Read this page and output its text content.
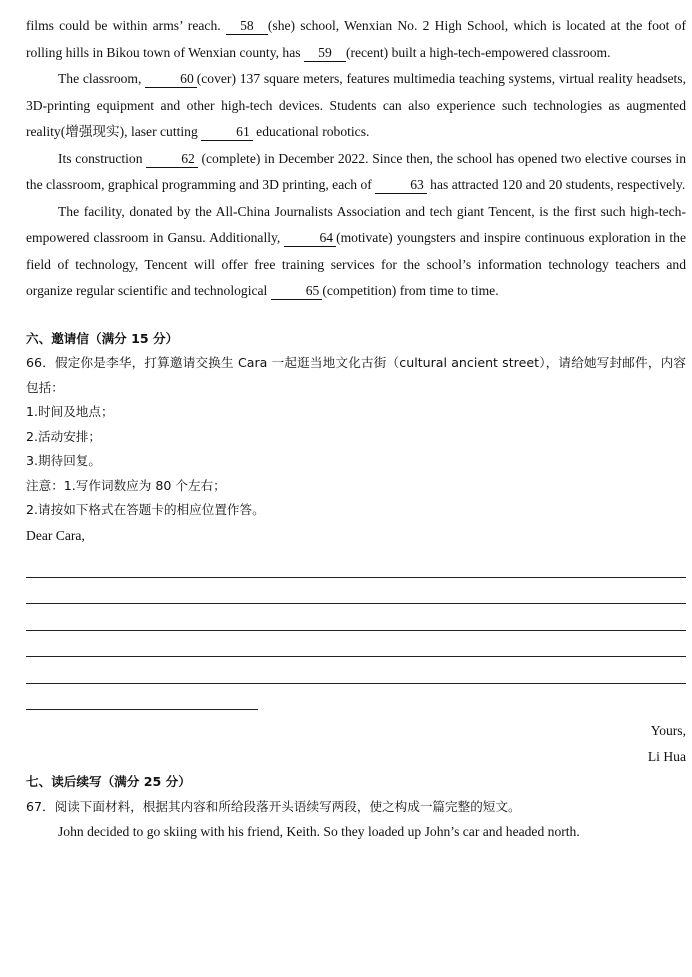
films could be within arms’ reach. 58 (she) school, Wenxian No. 2 High School, which is located at the foot of rolling hills in Bikou town of Wenxian county, has 59 (recent) built a high-tech-empowered classroom.

The classroom,	60 (cover) 137 square meters, features multimedia teaching systems, virtual reality headsets, 3D-printing equipment and other high-tech devices. Students can also experience such technologies as augmented reality(增强现实), laser cutting	61 educational robotics.

Its construction	62 (complete) in December 2022. Since then, the school has opened two elective courses in the classroom, graphical programming and 3D printing, each of	63 has attracted 120 and 20 students, respectively.

The facility, donated by the All-China Journalists Association and tech giant Tencent, is the first such high-tech-empowered classroom in Gansu. Additionally,	64 (motivate) youngsters and inspire continuous exploration in the field of technology, Tencent will offer free training services for the school’s information technology teachers and organize regular scientific and technological	65 (competition) from time to time.

六、邀请信（满分 15 分）

66．假定你是李华，打算邀请交换生 Cara 一起逛当地文化古街（cultural ancient street），请给她写封邮件，内容包括：

1.时间及地点；

2.活动安排；

3.期待回复。

注意：1.写作词数应为 80 个左右；

2.请按如下格式在答题卡的相应位置作答。

Dear Cara,

Yours,
Li Hua

七、读后续写（满分 25 分）

67．阅读下面材料，根据其内容和所给段落开头语续写两段，使之构成一篇完整的短文。

John decided to go skiing with his friend, Keith. So they loaded up John’s car and headed north.
